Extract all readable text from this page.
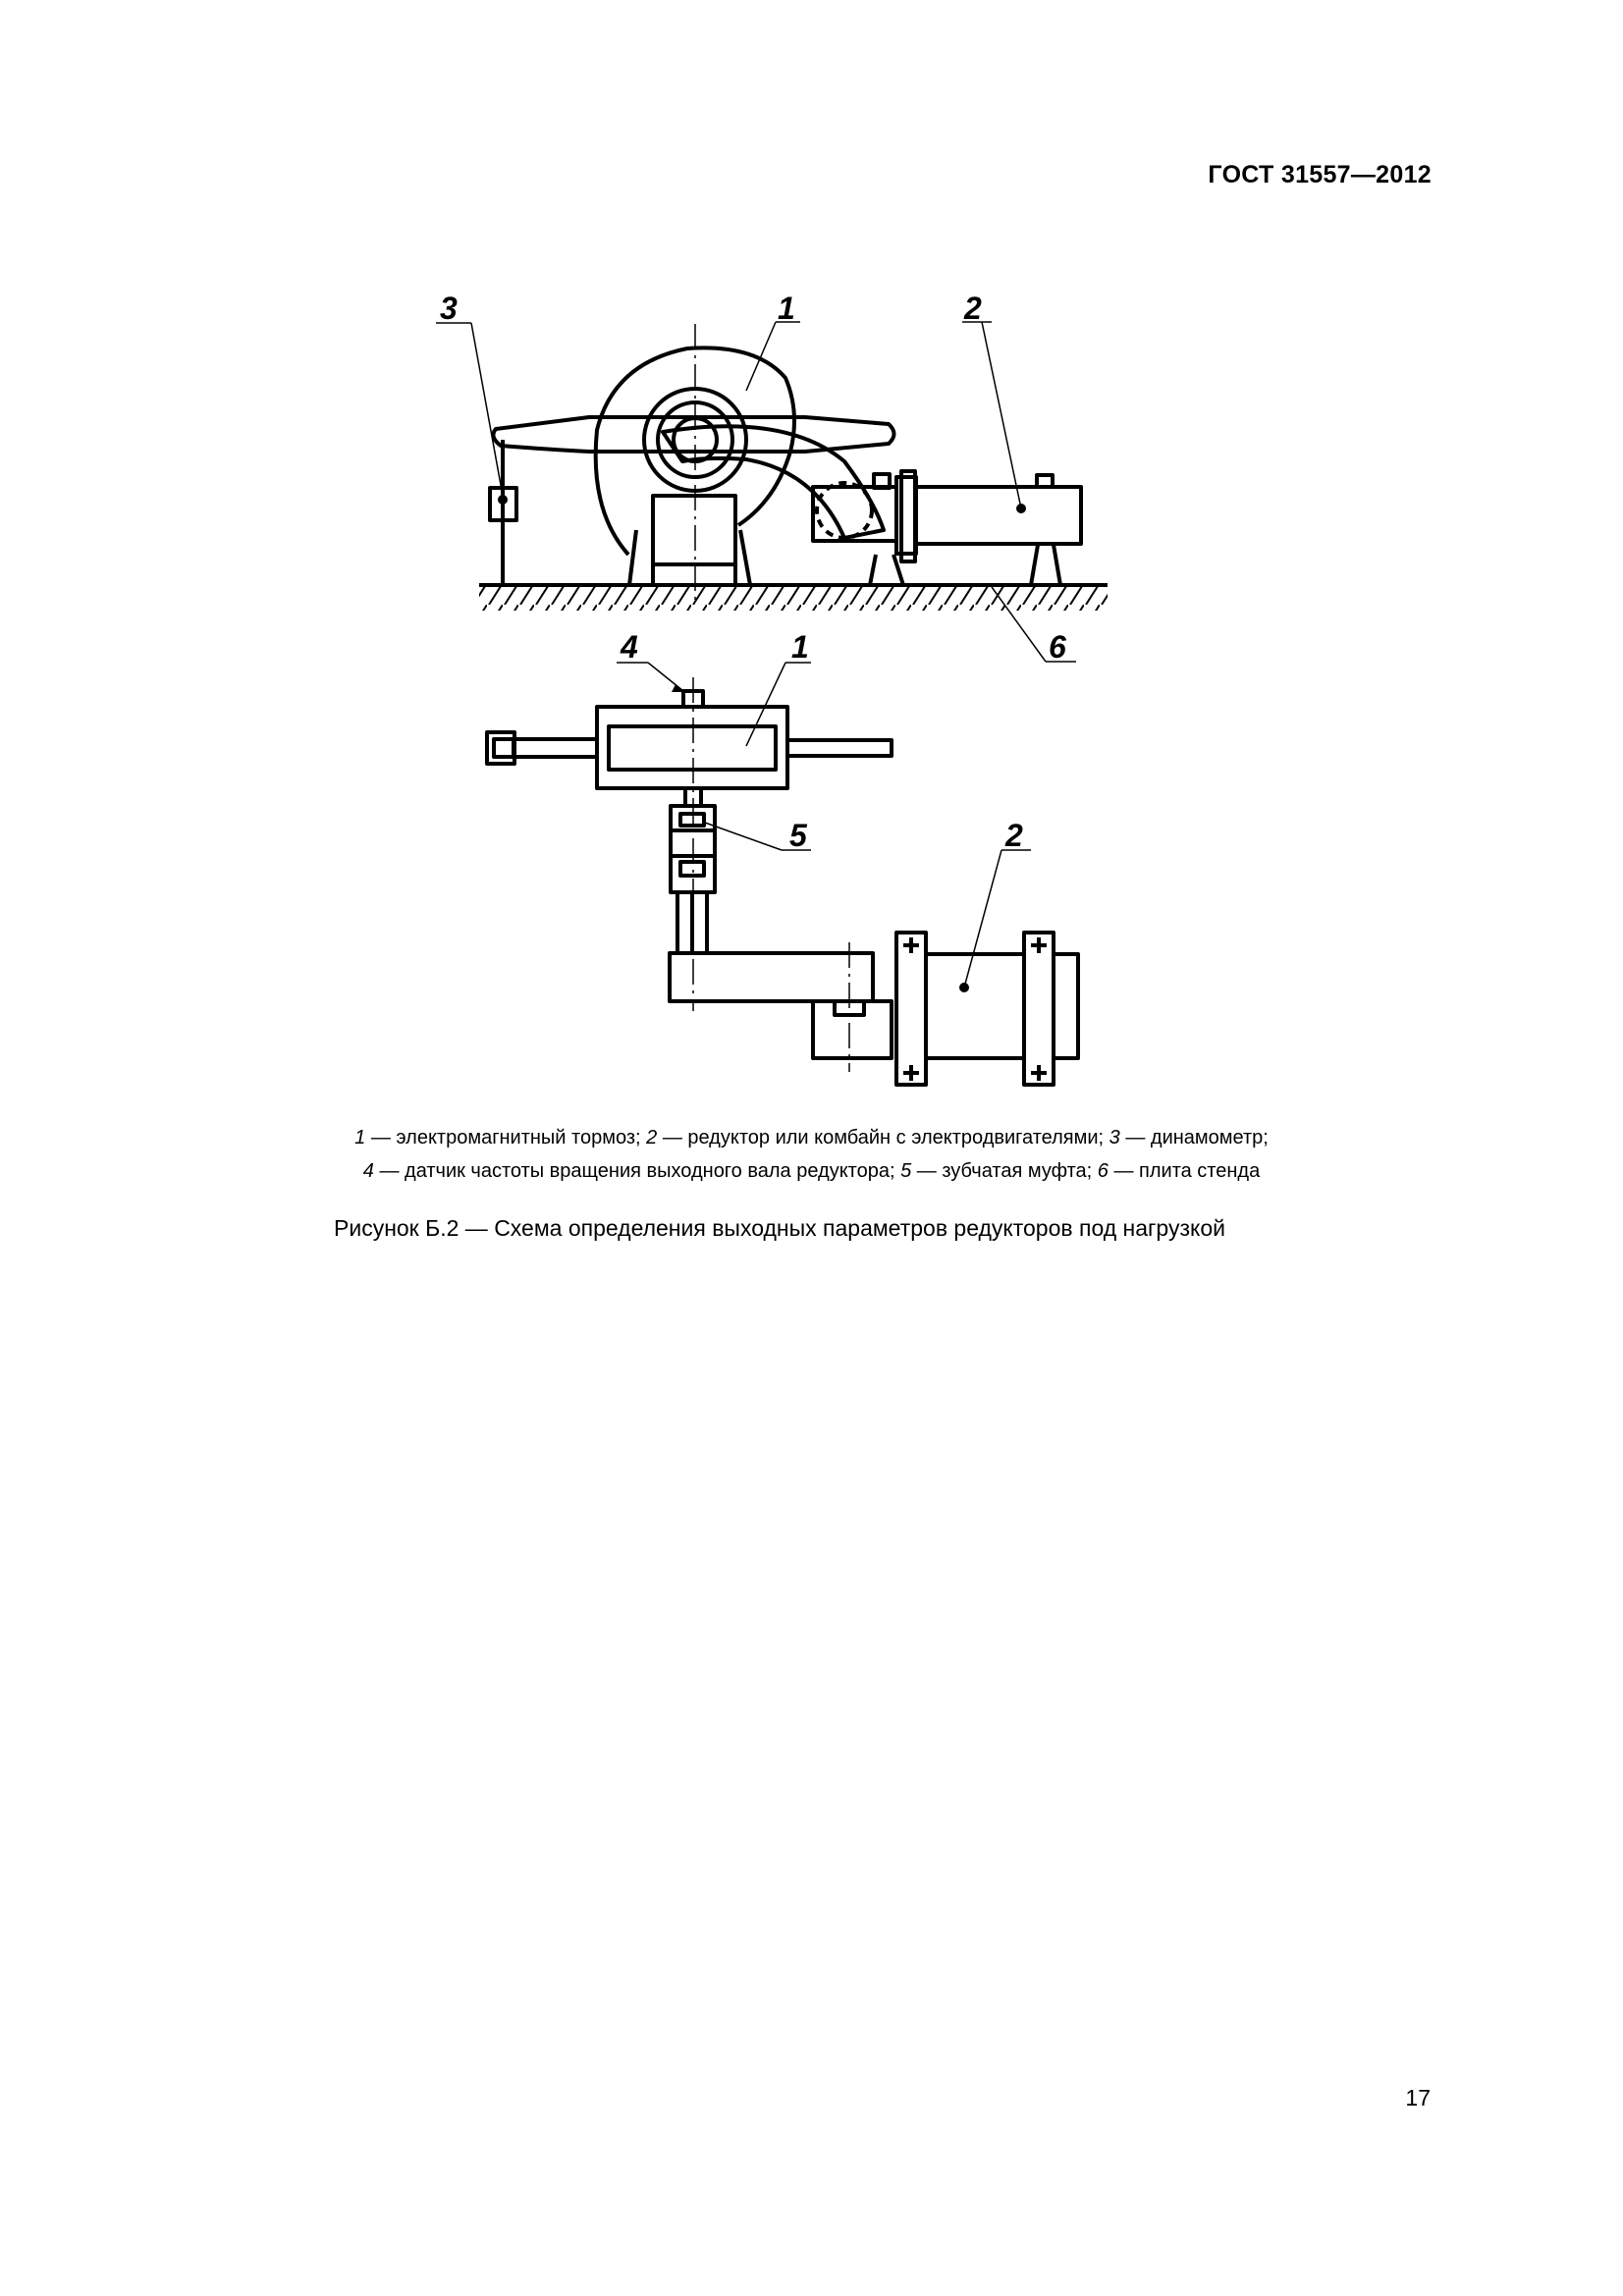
ГОСТ 31557—2012
3	1	2
6
4	1
5	2
1 — электромагнитный тормоз; 2 — редуктор или комбайн с электродвигателями; 3 — динамометр;
4 — датчик частоты вращения выходного вала редуктора; 5 — зубчатая муфта; 6 — плита стенда
Рисунок Б.2 — Схема определения выходных параметров редукторов под нагрузкой
17
